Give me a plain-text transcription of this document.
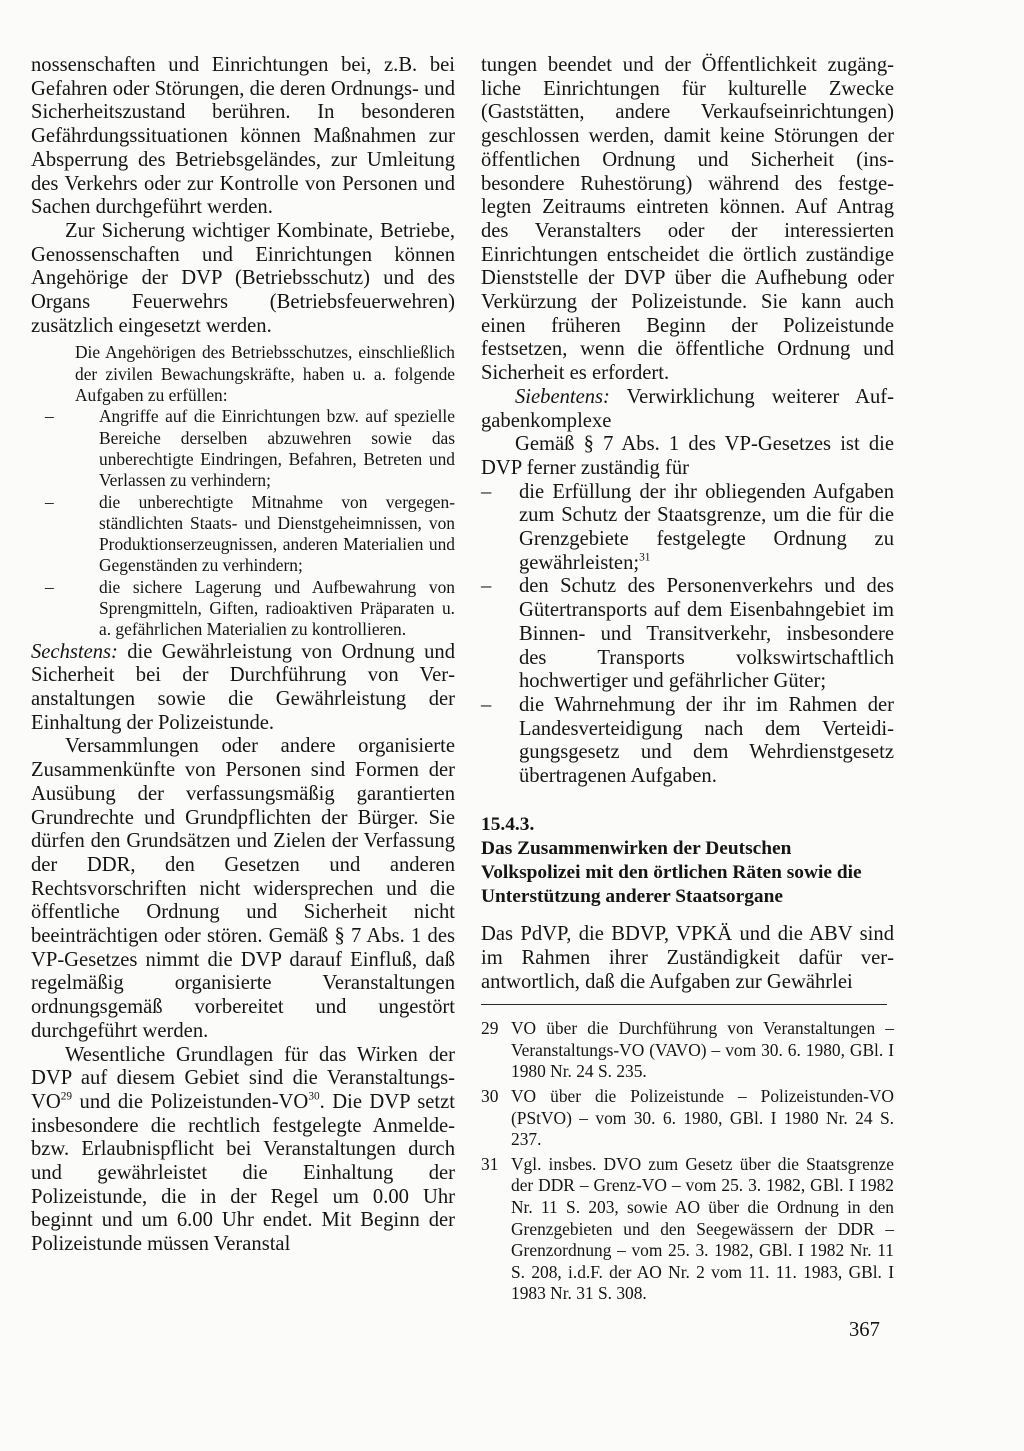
nossenschaften und Einrichtungen bei, z.B. bei Gefahren oder Störungen, die deren Ordnungs- und Sicherheitszustand berühren. In besonderen Gefährdungssituationen können Maßnahmen zur Absperrung des Betriebsgeländes, zur Umleitung des Verkehrs oder zur Kontrolle von Personen und Sachen durchgeführt werden.

Zur Sicherung wichtiger Kombinate, Betriebe, Genossenschaften und Einrichtungen können Angehörige der DVP (Betriebsschutz) und des Organs Feuerwehrs (Betriebsfeuerwehren) zusätzlich eingesetzt werden.

Die Angehörigen des Betriebsschutzes, einschließlich der zivilen Bewachungskräfte, haben u. a. folgende Aufgaben zu erfüllen:

– Angriffe auf die Einrichtungen bzw. auf spezielle Bereiche derselben abzuwehren sowie das unberechtigte Eindringen, Befahren, Betreten und Verlassen zu verhindern;
– die unberechtigte Mitnahme von vergegenständlichten Staats- und Dienstgeheimnissen, von Produktionserzeugnissen, anderen Materialien und Gegenständen zu verhindern;
– die sichere Lagerung und Aufbewahrung von Sprengmitteln, Giften, radioaktiven Präparaten u. a. gefährlichen Materialien zu kontrollieren.

Sechstens: die Gewährleistung von Ordnung und Sicherheit bei der Durchführung von Veranstaltungen sowie die Gewährleistung der Einhaltung der Polizeistunde.

Versammlungen oder andere organisierte Zusammenkünfte von Personen sind Formen der Ausübung der verfassungsmäßig garantierten Grundrechte und Grundpflichten der Bürger. Sie dürfen den Grundsätzen und Zielen der Verfassung der DDR, den Gesetzen und anderen Rechtsvorschriften nicht widersprechen und die öffentliche Ordnung und Sicherheit nicht beeinträchtigen oder stören. Gemäß § 7 Abs. 1 des VP-Gesetzes nimmt die DVP darauf Einfluß, daß regelmäßig organisierte Veranstaltungen ordnungsgemäß vorbereitet und ungestört durchgeführt werden.

Wesentliche Grundlagen für das Wirken der DVP auf diesem Gebiet sind die Veranstaltungs-VO$^{29}$ und die Polizeistunden-VO$^{30}$. Die DVP setzt insbesondere die rechtlich festgelegte Anmelde- bzw. Erlaubnispflicht bei Veranstaltungen durch und gewährleistet die Einhaltung der Polizeistunde, die in der Regel um 0.00 Uhr beginnt und um 6.00 Uhr endet. Mit Beginn der Polizeistunde müssen Veranstal

tungen beendet und der Öffentlichkeit zugängliche Einrichtungen für kulturelle Zwecke (Gaststätten, andere Verkaufseinrichtungen) geschlossen werden, damit keine Störungen der öffentlichen Ordnung und Sicherheit (insbesondere Ruhestörung) während des festgelegten Zeitraums eintreten können. Auf Antrag des Veranstalters oder der interessierten Einrichtungen entscheidet die örtlich zuständige Dienststelle der DVP über die Aufhebung oder Verkürzung der Polizeistunde. Sie kann auch einen früheren Beginn der Polizeistunde festsetzen, wenn die öffentliche Ordnung und Sicherheit es erfordert.

Siebentens: Verwirklichung weiterer Aufgabenkomplexe

Gemäß § 7 Abs. 1 des VP-Gesetzes ist die DVP ferner zuständig für

– die Erfüllung der ihr obliegenden Aufgaben zum Schutz der Staatsgrenze, um die für die Grenzgebiete festgelegte Ordnung zu gewährleisten;$^{31}$
– den Schutz des Personenverkehrs und des Gütertransports auf dem Eisenbahngebiet im Binnen- und Transitverkehr, insbesondere des Transports volkswirtschaftlich hochwertiger und gefährlicher Güter;
– die Wahrnehmung der ihr im Rahmen der Landesverteidigung nach dem Verteidigungsgesetz und dem Wehrdienstgesetz übertragenen Aufgaben.
15.4.3.
Das Zusammenwirken der Deutschen Volkspolizei mit den örtlichen Räten sowie die Unterstützung anderer Staatsorgane

Das PdVP, die BDVP, VPKÄ und die ABV sind im Rahmen ihrer Zuständigkeit dafür verantwortlich, daß die Aufgaben zur Gewährlei

29 VO über die Durchführung von Veranstaltungen – Veranstaltungs-VO (VAVO) – vom 30. 6. 1980, GBl. I 1980 Nr. 24 S. 235.

30 VO über die Polizeistunde – Polizeistunden-VO (PStVO) – vom 30. 6. 1980, GBl. I 1980 Nr. 24 S. 237.

31 Vgl. insbes. DVO zum Gesetz über die Staatsgrenze der DDR – Grenz-VO – vom 25. 3. 1982, GBl. I 1982 Nr. 11 S. 203, sowie AO über die Ordnung in den Grenzgebieten und den Seegewässern der DDR – Grenzordnung – vom 25. 3. 1982, GBl. I 1982 Nr. 11 S. 208, i.d.F. der AO Nr. 2 vom 11. 11. 1983, GBl. I 1983 Nr. 31 S. 308.

367
